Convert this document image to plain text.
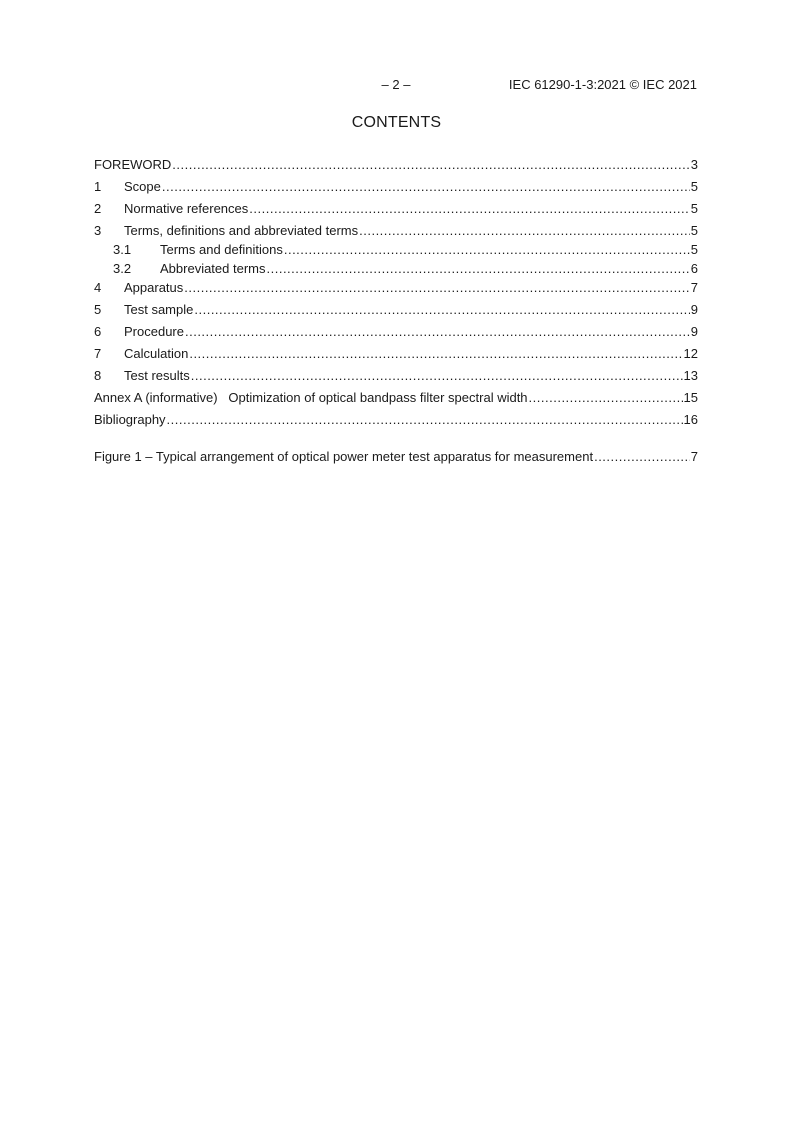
– 2 –	IEC 61290-1-3:2021 © IEC 2021
CONTENTS
FOREWORD .....	3
1	Scope .....	5
2	Normative references .....	5
3	Terms, definitions and abbreviated terms .....	5
3.1	Terms and definitions .....	5
3.2	Abbreviated terms .....	6
4	Apparatus .....	7
5	Test sample .....	9
6	Procedure .....	9
7	Calculation .....	12
8	Test results .....	13
Annex A (informative)   Optimization of optical bandpass filter spectral width .....	15
Bibliography .....	16
Figure 1 – Typical arrangement of optical power meter test apparatus for measurement .....	7
